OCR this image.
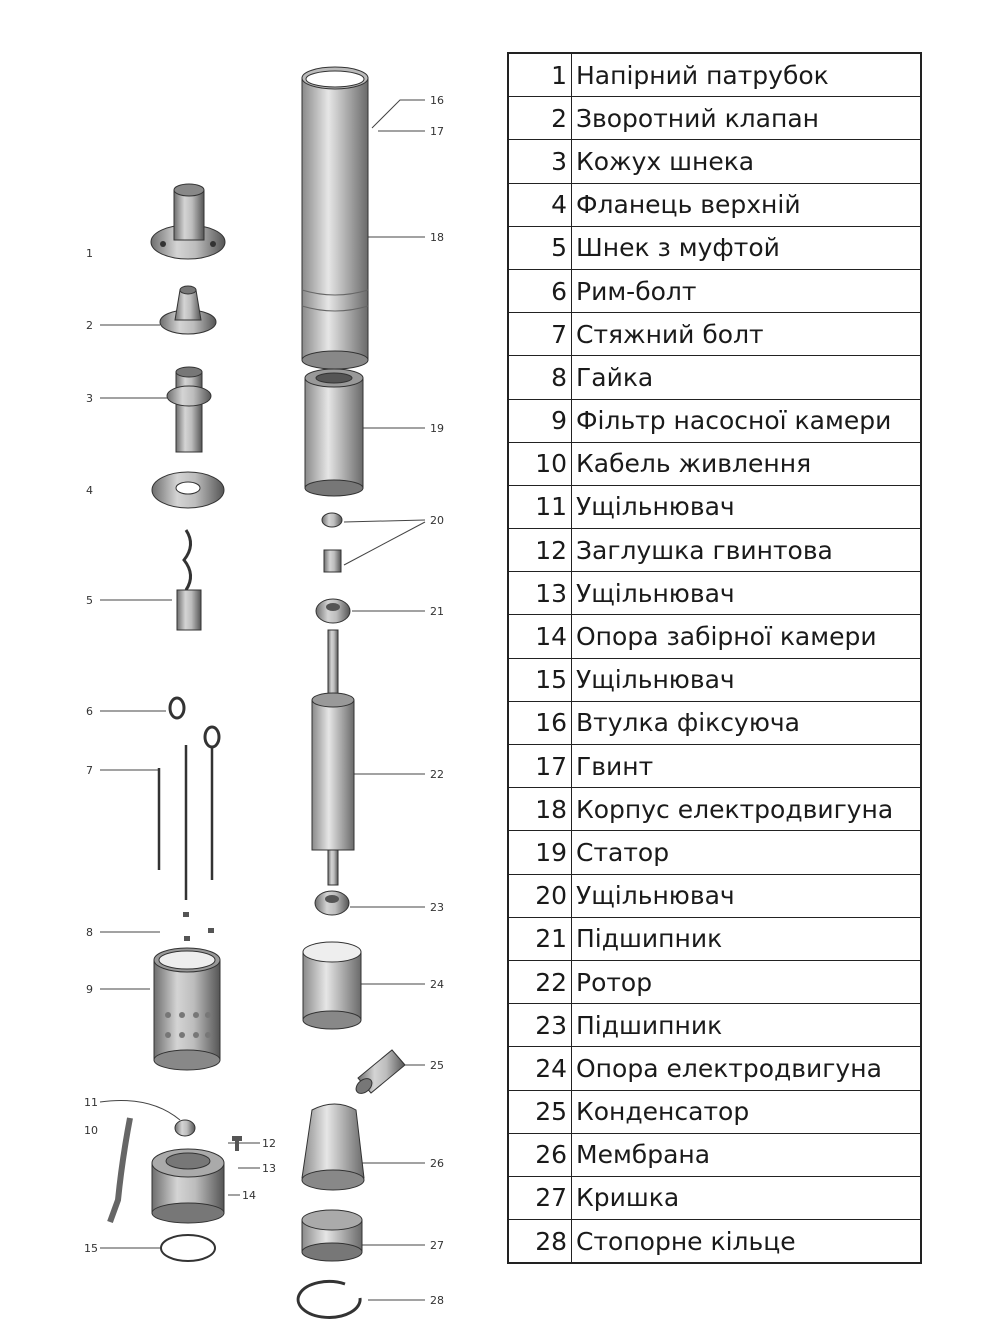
1
2
3
4
5
6
7
8
9
10
11
12
13
14
15
16
17
18
19
20
21
22
23
24
25
26
27
28
1	Напірний патрубок
2	Зворотний клапан
3	Кожух шнека
4	Фланець верхній
5	Шнек з муфтой
6	Рим-болт
7	Стяжний болт
8	Гайка
9	Фільтр насосної камери
10	Кабель живлення
11	Ущільнювач
12	Заглушка гвинтова
13	Ущільнювач
14	Опора забірної камери
15	Ущільнювач
16	Втулка фіксуюча
17	Гвинт
18	Корпус електродвигуна
19	Статор
20	Ущільнювач
21	Підшипник
22	Ротор
23	Підшипник
24	Опора електродвигуна
25	Конденсатор
26	Мембрана
27	Кришка
28	Стопорне кільце
